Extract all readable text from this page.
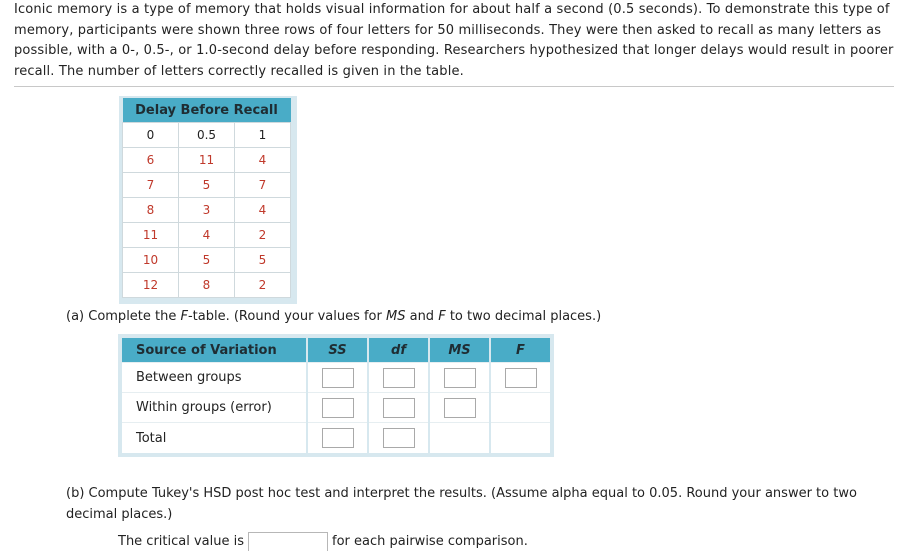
Iconic memory is a type of memory that holds visual information for about half a second (0.5 seconds). To demonstrate this type of memory, participants were shown three rows of four letters for 50 milliseconds. They were then asked to recall as many letters as possible, with a 0-, 0.5-, or 1.0-second delay before responding. Researchers hypothesized that longer delays would result in poorer recall. The number of letters correctly recalled is given in the table.
Delay Before Recall		
0	0.5	1
6	11	4
7	5	7
8	3	4
11	4	2
10	5	5
12	8	2
(a) Complete the F-table. (Round your values for MS and F to two decimal places.)
Source of Variation	SS	df	MS	F
Between groups				
Within groups (error)				
Total				
(b) Compute Tukey's HSD post hoc test and interpret the results. (Assume alpha equal to 0.05. Round your answer to two decimal places.)
The critical value is	for each pairwise comparison.
